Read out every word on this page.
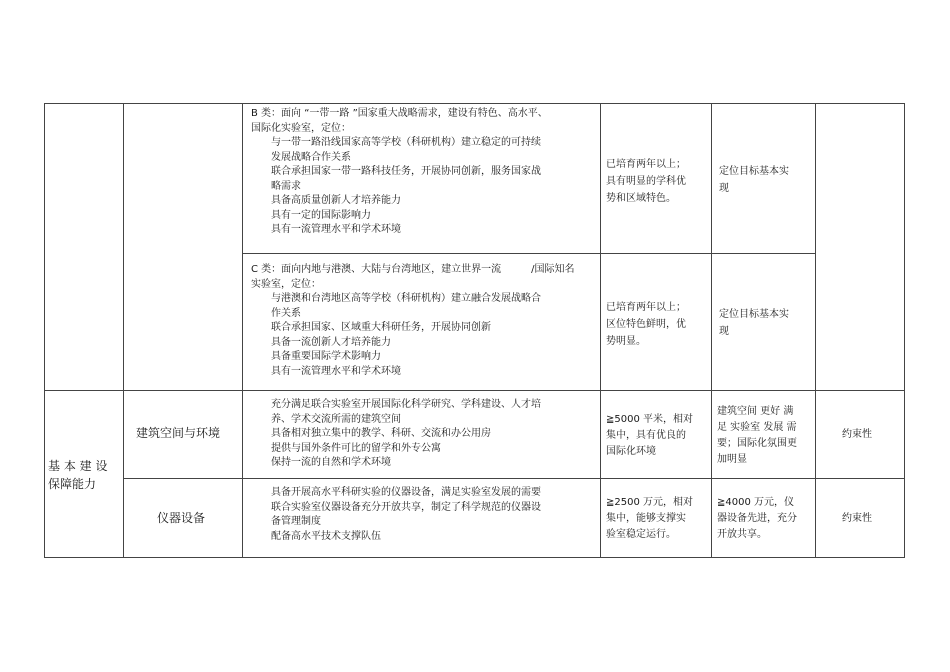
B 类：面向 “一带一路 ”国家重大战略需求，建设有特色、高水平、
国际化实验室，定位：
与一带一路沿线国家高等学校（科研机构）建立稳定的可持续
发展战略合作关系
联合承担国家一带一路科技任务，开展协同创新，服务国家战
略需求
具备高质量创新人才培养能力
具有一定的国际影响力
具有一流管理水平和学术环境
已培育两年以上；
具有明显的学科优
势和区域特色。
定位目标基本实
现
C 类：面向内地与港澳、大陆与台湾地区，建立世界一流　　　/国际知名
实验室，定位：
与港澳和台湾地区高等学校（科研机构）建立融合发展战略合
作关系
联合承担国家、区域重大科研任务，开展协同创新
具备一流创新人才培养能力
具备重要国际学术影响力
具有一流管理水平和学术环境
已培育两年以上；
区位特色鲜明，优
势明显。
定位目标基本实
现
基 本 建 设
保障能力
建筑空间与环境
充分满足联合实验室开展国际化科学研究、学科建设、人才培
养、学术交流所需的建筑空间
具备相对独立集中的教学、科研、交流和办公用房
提供与国外条件可比的留学和外专公寓
保持一流的自然和学术环境
≧5000 平米，相对
集中，具有优良的
国际化环境
建筑空间 更好 满
足 实验室 发展 需
要；国际化氛围更
加明显
约束性
仪器设备
具备开展高水平科研实验的仪器设备，满足实验室发展的需要
联合实验室仪器设备充分开放共享，制定了科学规范的仪器设
备管理制度
配备高水平技术支撑队伍
≧2500 万元，相对
集中，能够支撑实
验室稳定运行。
≧4000 万元，仪
器设备先进，充分
开放共享。
约束性
